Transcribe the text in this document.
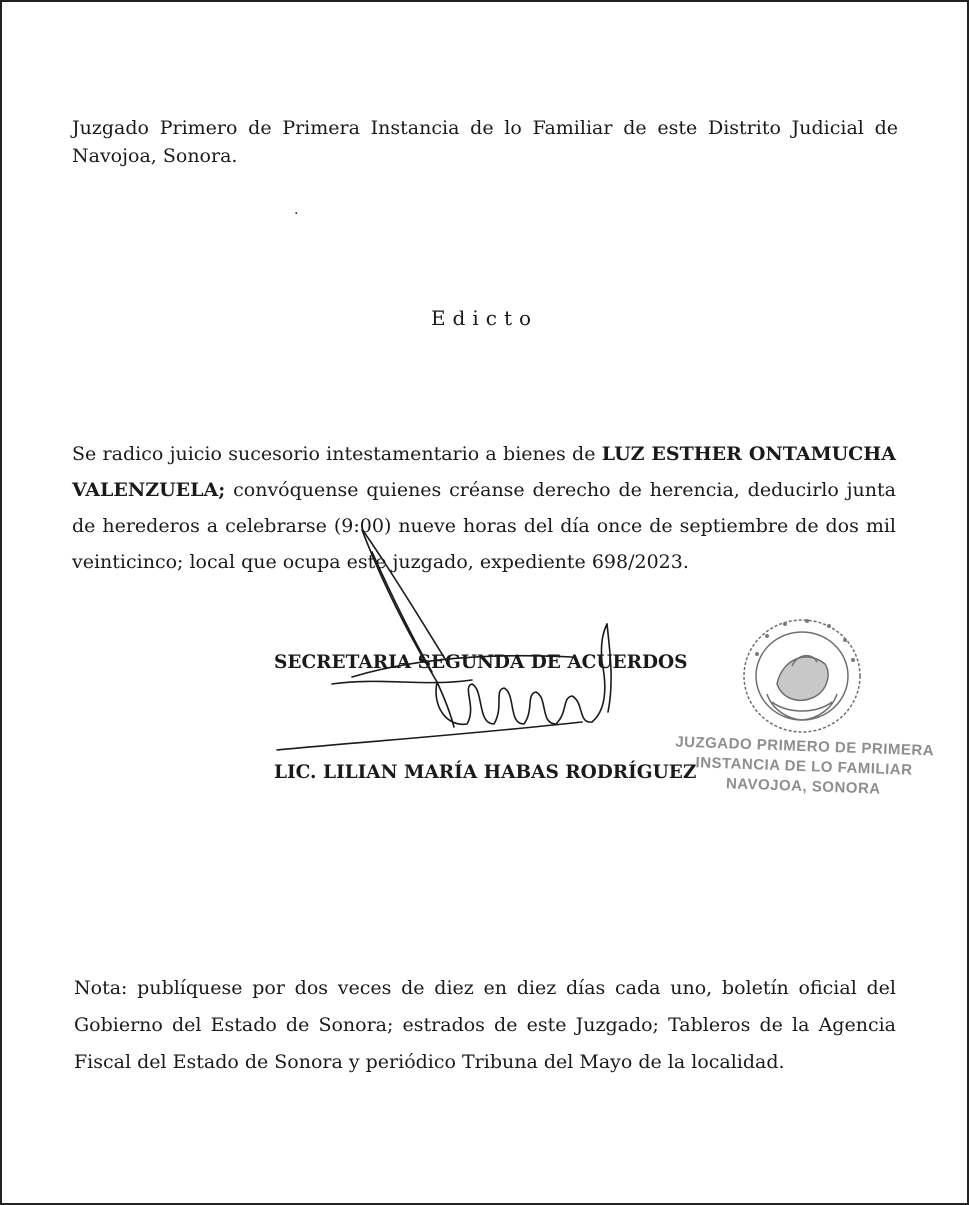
Juzgado Primero de Primera Instancia de lo Familiar de este Distrito Judicial de Navojoa, Sonora.

.
Edicto

Se radico juicio sucesorio intestamentario a bienes de LUZ ESTHER ONTAMUCHA VALENZUELA; convóquense quienes créanse derecho de herencia, deducirlo junta de herederos a celebrarse (9:00) nueve horas del día once de septiembre de dos mil veinticinco; local que ocupa este juzgado, expediente 698/2023.

SECRETARIA SEGUNDA DE ACUERDOS

LIC. LILIAN MARÍA HABAS RODRÍGUEZ

JUZGADO PRIMERO DE PRIMERA
INSTANCIA DE LO FAMILIAR
NAVOJOA, SONORA

Nota: publíquese por dos veces de diez en diez días cada uno, boletín oficial del Gobierno del Estado de Sonora; estrados de este Juzgado; Tableros de la Agencia Fiscal del Estado de Sonora y periódico Tribuna del Mayo de la localidad.
